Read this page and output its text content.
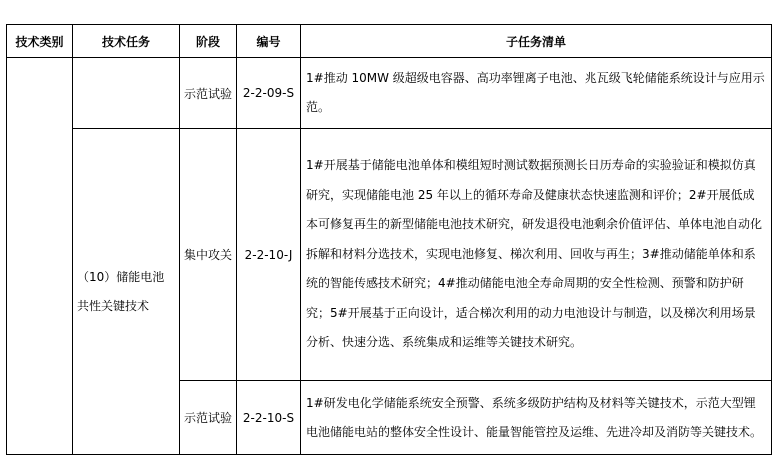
技术类别	技术任务	阶段	编号	子任务清单
		示范试验	2-2-09-S	1#推动 10MW 级超级电容器、高功率锂离子电池、兆瓦级飞轮储能系统设计与应用示范。
	（10）储能电池共性关键技术	集中攻关	2-2-10-J	1#开展基于储能电池单体和模组短时测试数据预测长日历寿命的实验验证和模拟仿真研究，实现储能电池 25 年以上的循环寿命及健康状态快速监测和评价；2#开展低成本可修复再生的新型储能电池技术研究，研发退役电池剩余价值评估、单体电池自动化拆解和材料分选技术，实现电池修复、梯次利用、回收与再生；3#推动储能单体和系统的智能传感技术研究；4#推动储能电池全寿命周期的安全性检测、预警和防护研究；5#开展基于正向设计，适合梯次利用的动力电池设计与制造，以及梯次利用场景分析、快速分选、系统集成和运维等关键技术研究。
		示范试验	2-2-10-S	1#研发电化学储能系统安全预警、系统多级防护结构及材料等关键技术，示范大型锂电池储能电站的整体安全性设计、能量智能管控及运维、先进冷却及消防等关键技术。
